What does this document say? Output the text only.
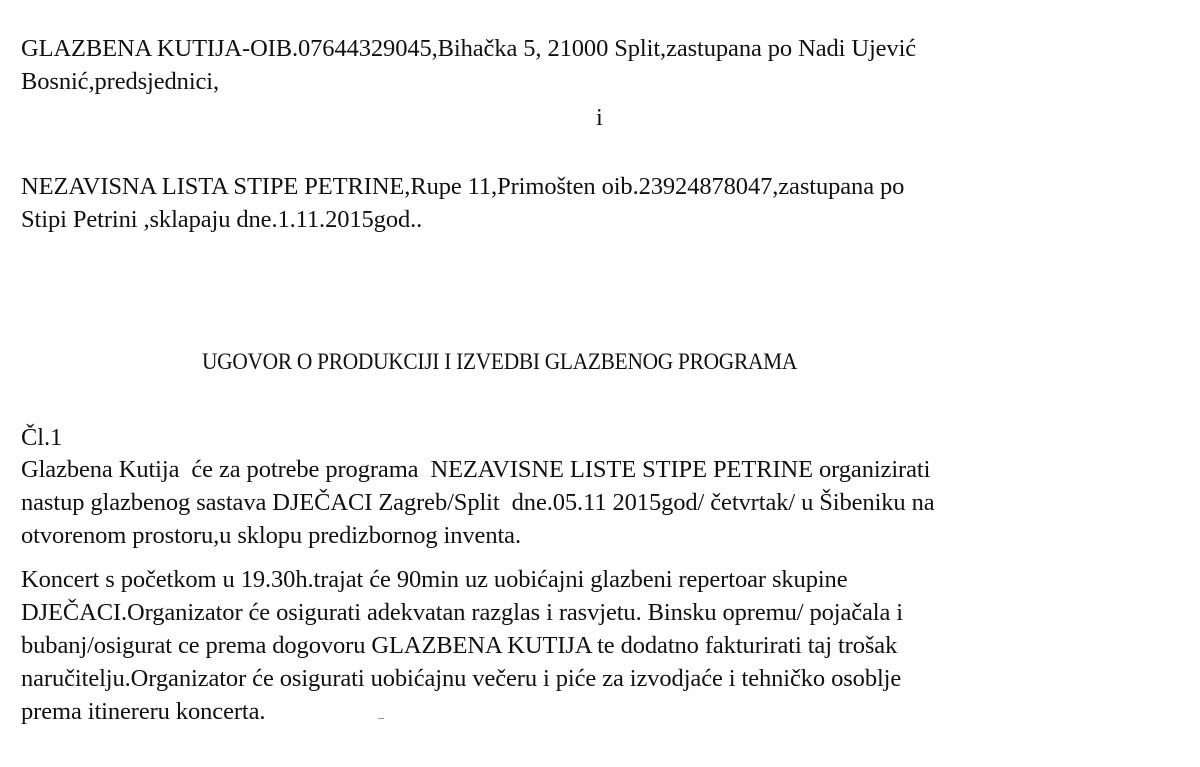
GLAZBENA KUTIJA-OIB.07644329045,Bihačka 5, 21000 Split,zastupana po Nadi Ujević
Bosnić,predsjednici,
i
NEZAVISNA LISTA STIPE PETRINE,Rupe 11,Primošten oib.23924878047,zastupana po
Stipi Petrini ,sklapaju dne.1.11.2015god..
UGOVOR O PRODUKCIJI I IZVEDBI GLAZBENOG PROGRAMA
Čl.1
Glazbena Kutija  će za potrebe programa  NEZAVISNE LISTE STIPE PETRINE organizirati
nastup glazbenog sastava DJEČACI Zagreb/Split  dne.05.11 2015god/ četvrtak/ u Šibeniku na
otvorenom prostoru,u sklopu predizbornog inventa.
Koncert s početkom u 19.30h.trajat će 90min uz uobićajni glazbeni repertoar skupine
DJEČACI.Organizator će osigurati adekvatan razglas i rasvjetu. Binsku opremu/ pojačala i
bubanj/osigurat ce prema dogovoru GLAZBENA KUTIJA te dodatno fakturirati taj trošak
naručitelju.Organizator će osigurati uobićajnu večeru i piće za izvodjaće i tehničko osoblje
prema itinereru koncerta.
